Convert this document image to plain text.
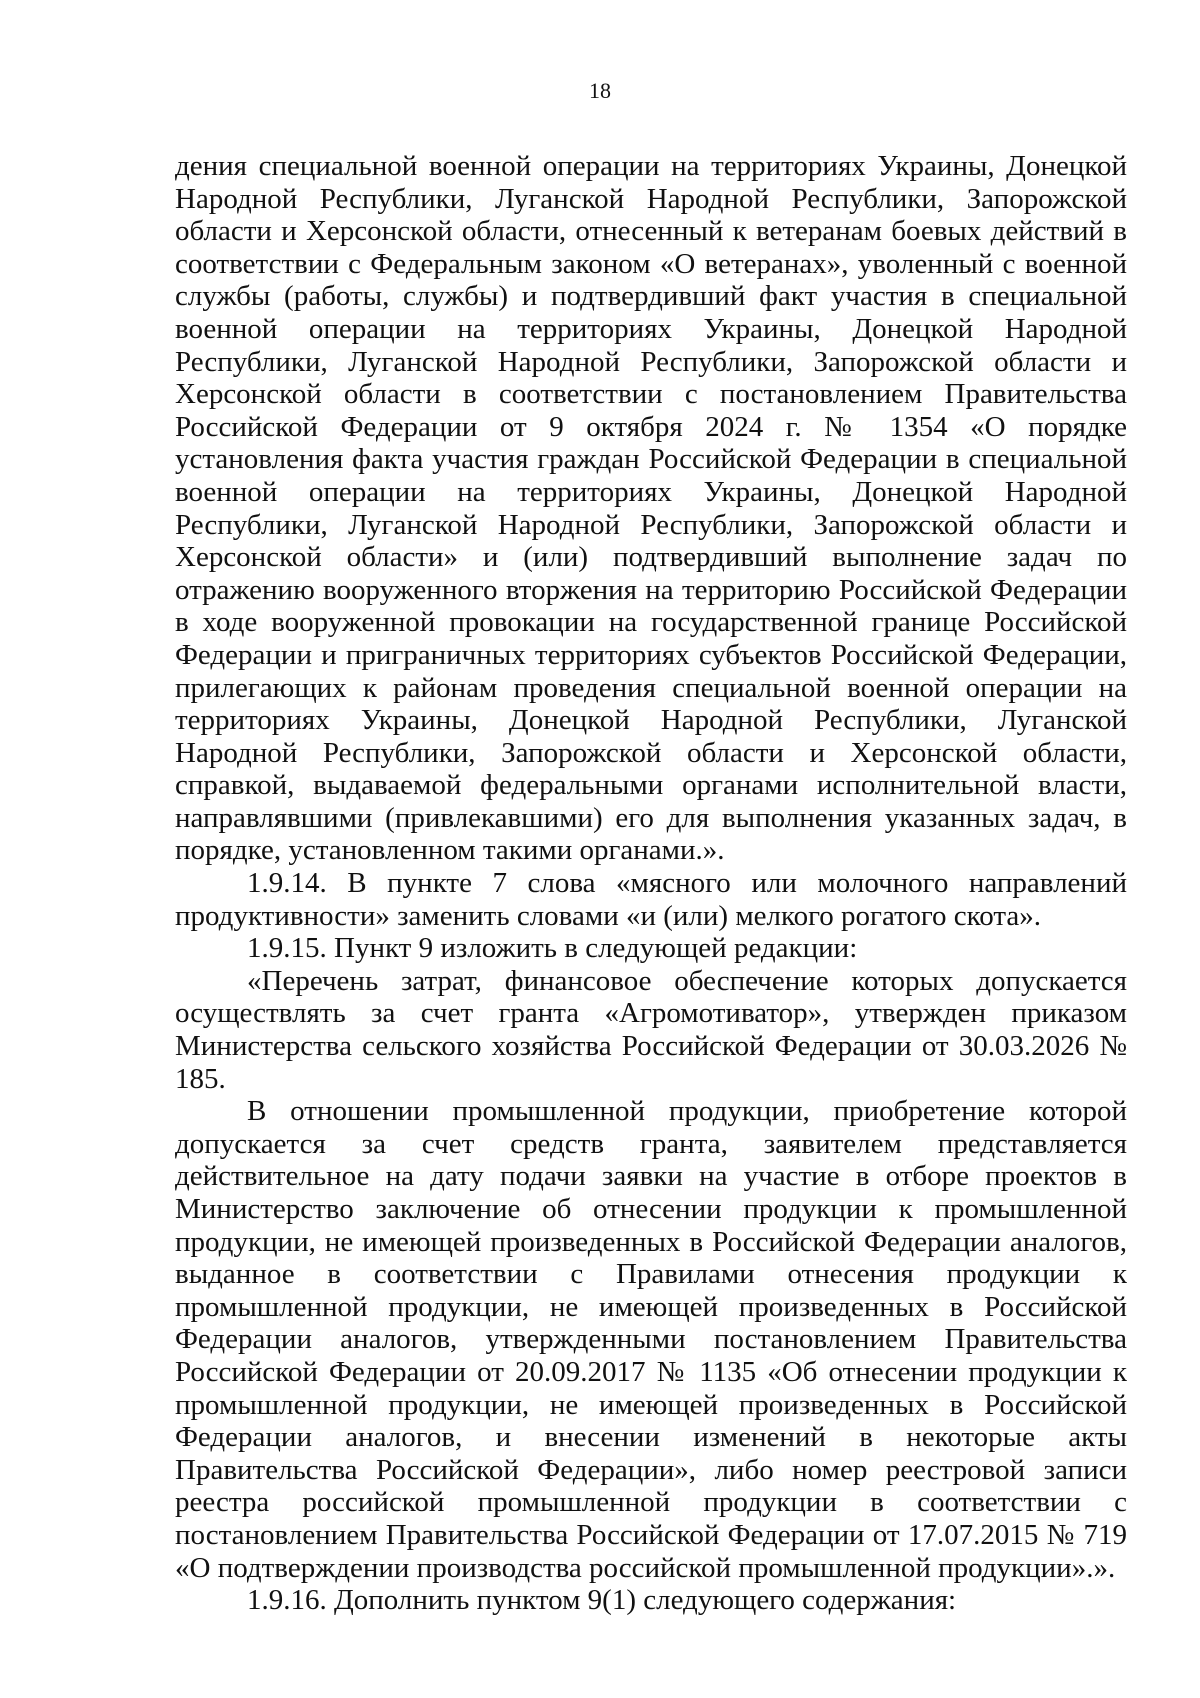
18

дения специальной военной операции на территориях Украины, Донецкой Народной Республики, Луганской Народной Республики, Запорожской области и Херсонской области, отнесенный к ветеранам боевых действий в соответствии с Федеральным законом «О ветеранах», уволенный с военной службы (работы, службы) и подтвердивший факт участия в специальной военной операции на территориях Украины, Донецкой Народной Республики, Луганской Народной Республики, Запорожской области и Херсонской области в соответствии с постановлением Правительства Российской Федерации от 9 октября 2024 г. № 1354 «О порядке установления факта участия граждан Российской Федерации в специальной военной операции на территориях Украины, Донецкой Народной Республики, Луганской Народной Республики, Запорожской области и Херсонской области» и (или) подтвердивший выполнение задач по отражению вооруженного вторжения на территорию Российской Федерации в ходе вооруженной провокации на государственной границе Российской Федерации и приграничных территориях субъектов Российской Федерации, прилегающих к районам проведения специальной военной операции на территориях Украины, Донецкой Народной Республики, Луганской Народной Республики, Запорожской области и Херсонской области, справкой, выдаваемой федеральными органами исполнительной власти, направлявшими (привлекавшими) его для выполнения указанных задач, в порядке, установленном такими органами.».

1.9.14. В пункте 7 слова «мясного или молочного направлений продуктивности» заменить словами «и (или) мелкого рогатого скота».

1.9.15. Пункт 9 изложить в следующей редакции:

«Перечень затрат, финансовое обеспечение которых допускается осуществлять за счет гранта «Агромотиватор», утвержден приказом Министерства сельского хозяйства Российской Федерации от 30.03.2026 № 185.

В отношении промышленной продукции, приобретение которой допускается за счет средств гранта, заявителем представляется действительное на дату подачи заявки на участие в отборе проектов в Министерство заключение об отнесении продукции к промышленной продукции, не имеющей произведенных в Российской Федерации аналогов, выданное в соответствии с Правилами отнесения продукции к промышленной продукции, не имеющей произведенных в Российской Федерации аналогов, утвержденными постановлением Правительства Российской Федерации от 20.09.2017 № 1135 «Об отнесении продукции к промышленной продукции, не имеющей произведенных в Российской Федерации аналогов, и внесении изменений в некоторые акты Правительства Российской Федерации», либо номер реестровой записи реестра российской промышленной продукции в соответствии с постановлением Правительства Российской Федерации от 17.07.2015 № 719 «О подтверждении производства российской промышленной продукции».».

1.9.16. Дополнить пунктом 9(1) следующего содержания:
